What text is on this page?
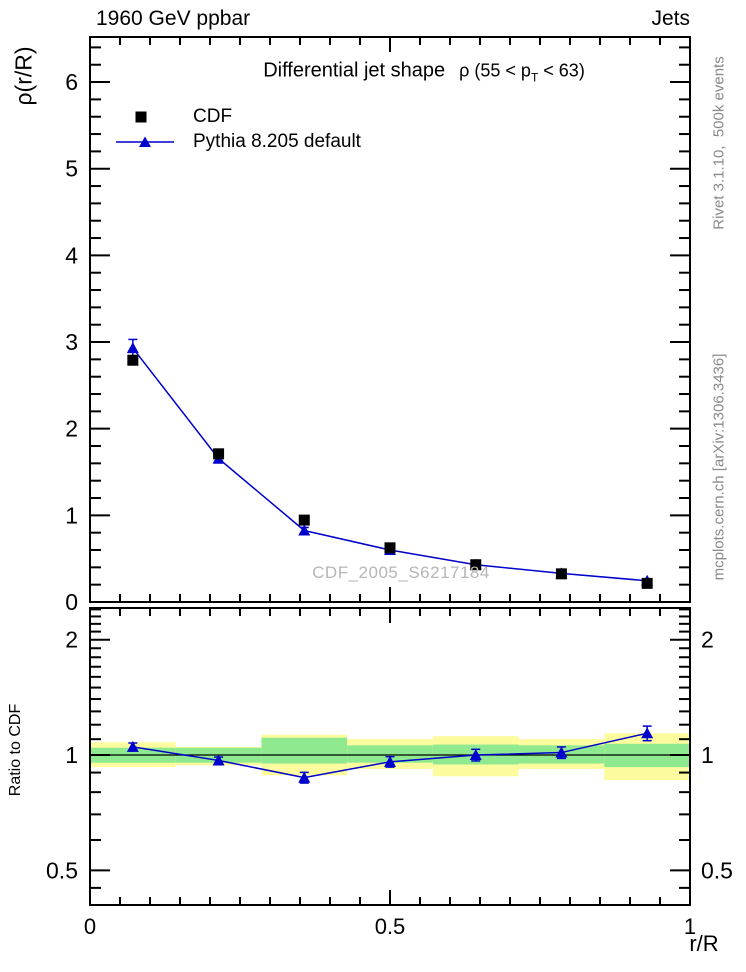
0
1
2
3
4
5
6
2	2
1	1
0.5	0.5
0	0.5	1
1960 GeV ppbar	Jets
ρ(r/R)	Differential jet shape ρ $(55 < p_T < 63)$
CDF
Pythia 8.205 default
CDF_2005_S6217184
Rivet 3.1.10,  500k events
mcplots.cern.ch [arXiv:1306.3436]
Ratio to CDF
r/R
